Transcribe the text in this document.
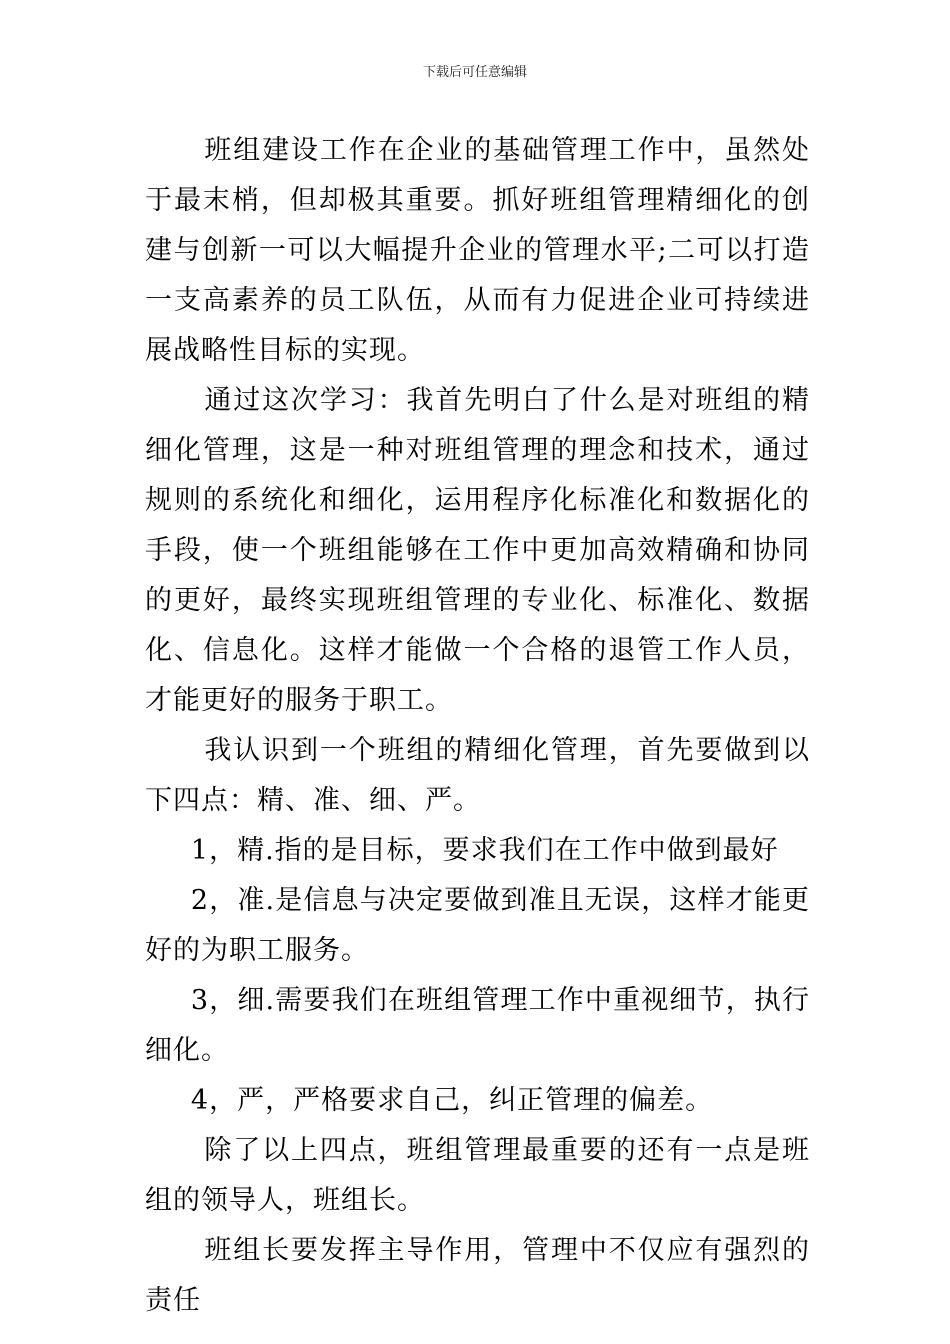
下载后可任意编辑

班组建设工作在企业的基础管理工作中，虽然处于最末梢，但却极其重要。抓好班组管理精细化的创建与创新一可以大幅提升企业的管理水平;二可以打造一支高素养的员工队伍，从而有力促进企业可持续进展战略性目标的实现。

通过这次学习：我首先明白了什么是对班组的精细化管理，这是一种对班组管理的理念和技术，通过规则的系统化和细化，运用程序化标准化和数据化的手段，使一个班组能够在工作中更加高效精确和协同的更好，最终实现班组管理的专业化、标准化、数据化、信息化。这样才能做一个合格的退管工作人员，才能更好的服务于职工。

我认识到一个班组的精细化管理，首先要做到以下四点：精、准、细、严。

1，精.指的是目标，要求我们在工作中做到最好

2，准.是信息与决定要做到准且无误，这样才能更好的为职工服务。

3，细.需要我们在班组管理工作中重视细节，执行细化。

4，严，严格要求自己，纠正管理的偏差。

除了以上四点，班组管理最重要的还有一点是班组的领导人，班组长。

班组长要发挥主导作用，管理中不仅应有强烈的责任
